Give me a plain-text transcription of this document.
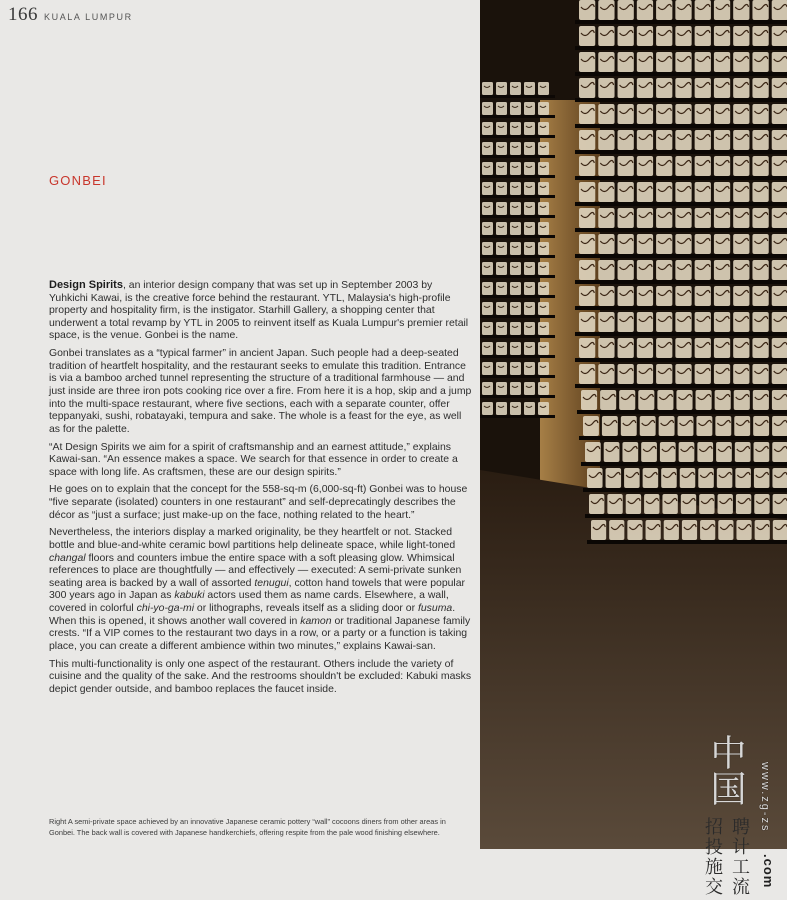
166 KUALA LUMPUR
GONBEI

Design Spirits, an interior design company that was set up in September 2003 by Yuhkichi Kawai, is the creative force behind the restaurant. YTL, Malaysia's high-profile property and hospitality firm, is the instigator. Starhill Gallery, a shopping center that underwent a total revamp by YTL in 2005 to reinvent itself as Kuala Lumpur's premier retail space, is the venue. Gonbei is the name.

Gonbei translates as a “typical farmer” in ancient Japan. Such people had a deep-seated tradition of heartfelt hospitality, and the restaurant seeks to emulate this tradition. Entrance is via a bamboo arched tunnel representing the structure of a traditional farmhouse — and just inside are three iron pots cooking rice over a fire. From here it is a hop, skip and a jump into the multi-space restaurant, where five sections, each with a separate counter, offer teppanyaki, sushi, robatayaki, tempura and sake. The whole is a feast for the eye, as well as for the palette.

“At Design Spirits we aim for a spirit of craftsmanship and an earnest attitude,” explains Kawai-san. “An essence makes a space. We search for that essence in order to create a space with long life. As craftsmen, these are our design spirits.”

He goes on to explain that the concept for the 558-sq-m (6,000-sq-ft) Gonbei was to house “five separate (isolated) counters in one restaurant” and self-deprecatingly describes the décor as “just a surface; just make-up on the face, nothing related to the heart.”

Nevertheless, the interiors display a marked originality, be they heartfelt or not. Stacked bottle and blue-and-white ceramic bowl partitions help delineate space, while light-toned changal floors and counters imbue the entire space with a soft pleasing glow. Whimsical references to place are thoughtfully — and effectively — executed: A semi-private sunken seating area is backed by a wall of assorted tenugui, cotton hand towels that were popular 300 years ago in Japan as kabuki actors used them as name cards. Elsewhere, a wall, covered in colorful chi-yo-ga-mi or lithographs, reveals itself as a sliding door or fusuma. When this is opened, it shows another wall covered in kamon or traditional Japanese family crests. “If a VIP comes to the restaurant two days in a row, or a party or a function is taking place, you can create a different ambience within two minutes,” explains Kawai-san.

This multi-functionality is only one aspect of the restaurant. Others include the variety of cuisine and the quality of the sake. And the restrooms shouldn't be excluded: Kabuki masks depict gender outside, and bamboo replaces the faucet inside.

Right A semi-private space achieved by an innovative Japanese ceramic pottery “wall” cocoons diners from other areas in Gonbei. The back wall is covered with Japanese handkerchiefs, offering respite from the pale wood finishing elsewhere.
中国 www.zg-zs
招 聘
投 计
施 工
交 流 .com
